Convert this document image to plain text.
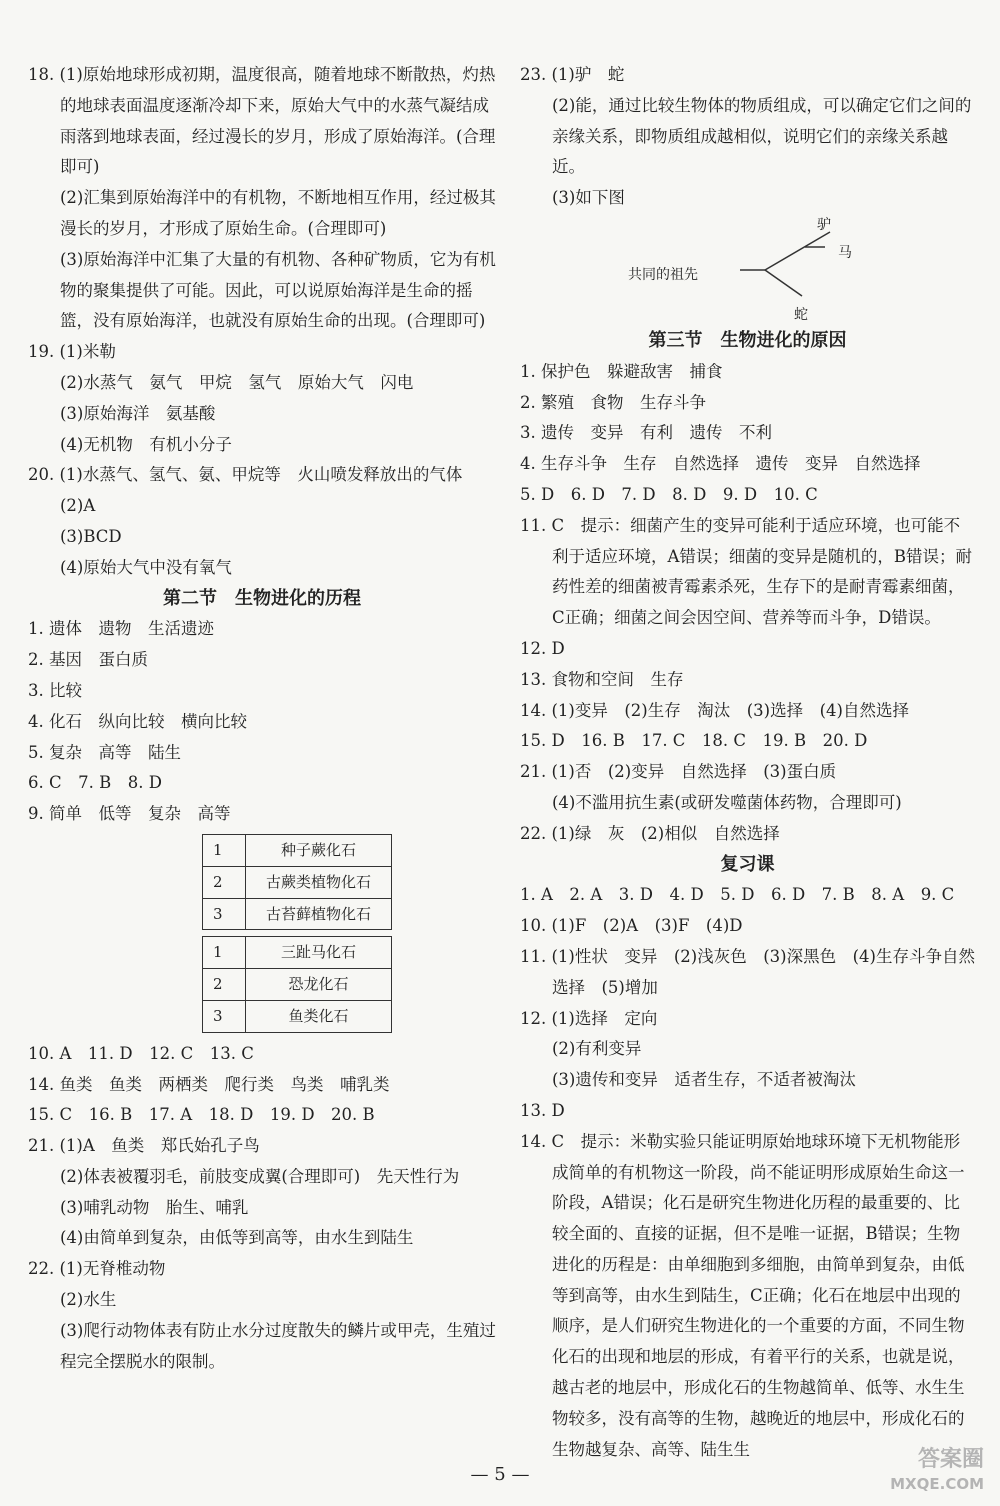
18. (1)原始地球形成初期，温度很高，随着地球不断散热，灼热的地球表面温度逐渐冷却下来，原始大气中的水蒸气凝结成雨落到地球表面，经过漫长的岁月，形成了原始海洋。(合理即可)
(2)汇集到原始海洋中的有机物，不断地相互作用，经过极其漫长的岁月，才形成了原始生命。(合理即可)
(3)原始海洋中汇集了大量的有机物、各种矿物质，它为有机物的聚集提供了可能。因此，可以说原始海洋是生命的摇篮，没有原始海洋，也就没有原始生命的出现。(合理即可)
19. (1)米勒
(2)水蒸气　氨气　甲烷　氢气　原始大气　闪电
(3)原始海洋　氨基酸
(4)无机物　有机小分子
20. (1)水蒸气、氢气、氨、甲烷等　火山喷发释放出的气体
(2)A
(3)BCD
(4)原始大气中没有氧气
第二节　生物进化的历程
1. 遗体　遗物　生活遗迹
2. 基因　蛋白质
3. 比较
4. 化石　纵向比较　横向比较
5. 复杂　高等　陆生
6. C　7. B　8. D
9. 简单　低等　复杂　高等
1	种子蕨化石
2	古蕨类植物化石
3	古苔藓植物化石
1	三趾马化石
2	恐龙化石
3	鱼类化石
10. A　11. D　12. C　13. C
14. 鱼类　鱼类　两栖类　爬行类　鸟类　哺乳类
15. C　16. B　17. A　18. D　19. D　20. B
21. (1)A　鱼类　郑氏始孔子鸟
(2)体表被覆羽毛，前肢变成翼(合理即可)　先天性行为
(3)哺乳动物　胎生、哺乳
(4)由简单到复杂，由低等到高等，由水生到陆生
22. (1)无脊椎动物
(2)水生
(3)爬行动物体表有防止水分过度散失的鳞片或甲壳，生殖过程完全摆脱水的限制。
23. (1)驴　蛇
(2)能，通过比较生物体的物质组成，可以确定它们之间的亲缘关系，即物质组成越相似，说明它们的亲缘关系越近。
(3)如下图
共同的祖先
驴
马
蛇
第三节　生物进化的原因
1. 保护色　躲避敌害　捕食
2. 繁殖　食物　生存斗争
3. 遗传　变异　有利　遗传　不利
4. 生存斗争　生存　自然选择　遗传　变异　自然选择
5. D　6. D　7. D　8. D　9. D　10. C
11. C　提示：细菌产生的变异可能利于适应环境，也可能不利于适应环境，A错误；细菌的变异是随机的，B错误；耐药性差的细菌被青霉素杀死，生存下的是耐青霉素细菌，C正确；细菌之间会因空间、营养等而斗争，D错误。
12. D
13. 食物和空间　生存
14. (1)变异　(2)生存　淘汰　(3)选择　(4)自然选择
15. D　16. B　17. C　18. C　19. B　20. D
21. (1)否　(2)变异　自然选择　(3)蛋白质
(4)不滥用抗生素(或研发噬菌体药物，合理即可)
22. (1)绿　灰　(2)相似　自然选择
复习课
1. A　2. A　3. D　4. D　5. D　6. D　7. B　8. A　9. C
10. (1)F　(2)A　(3)F　(4)D
11. (1)性状　变异　(2)浅灰色　(3)深黑色　(4)生存斗争自然选择　(5)增加
12. (1)选择　定向
(2)有利变异
(3)遗传和变异　适者生存，不适者被淘汰
13. D
14. C　提示：米勒实验只能证明原始地球环境下无机物能形成简单的有机物这一阶段，尚不能证明形成原始生命这一阶段，A错误；化石是研究生物进化历程的最重要的、比较全面的、直接的证据，但不是唯一证据，B错误；生物进化的历程是：由单细胞到多细胞，由简单到复杂，由低等到高等，由水生到陆生，C正确；化石在地层中出现的顺序，是人们研究生物进化的一个重要的方面，不同生物化石的出现和地层的形成，有着平行的关系，也就是说，越古老的地层中，形成化石的生物越简单、低等、水生生物较多，没有高等的生物，越晚近的地层中，形成化石的生物越复杂、高等、陆生生
— 5 —
答案圈
MXQE.COM
